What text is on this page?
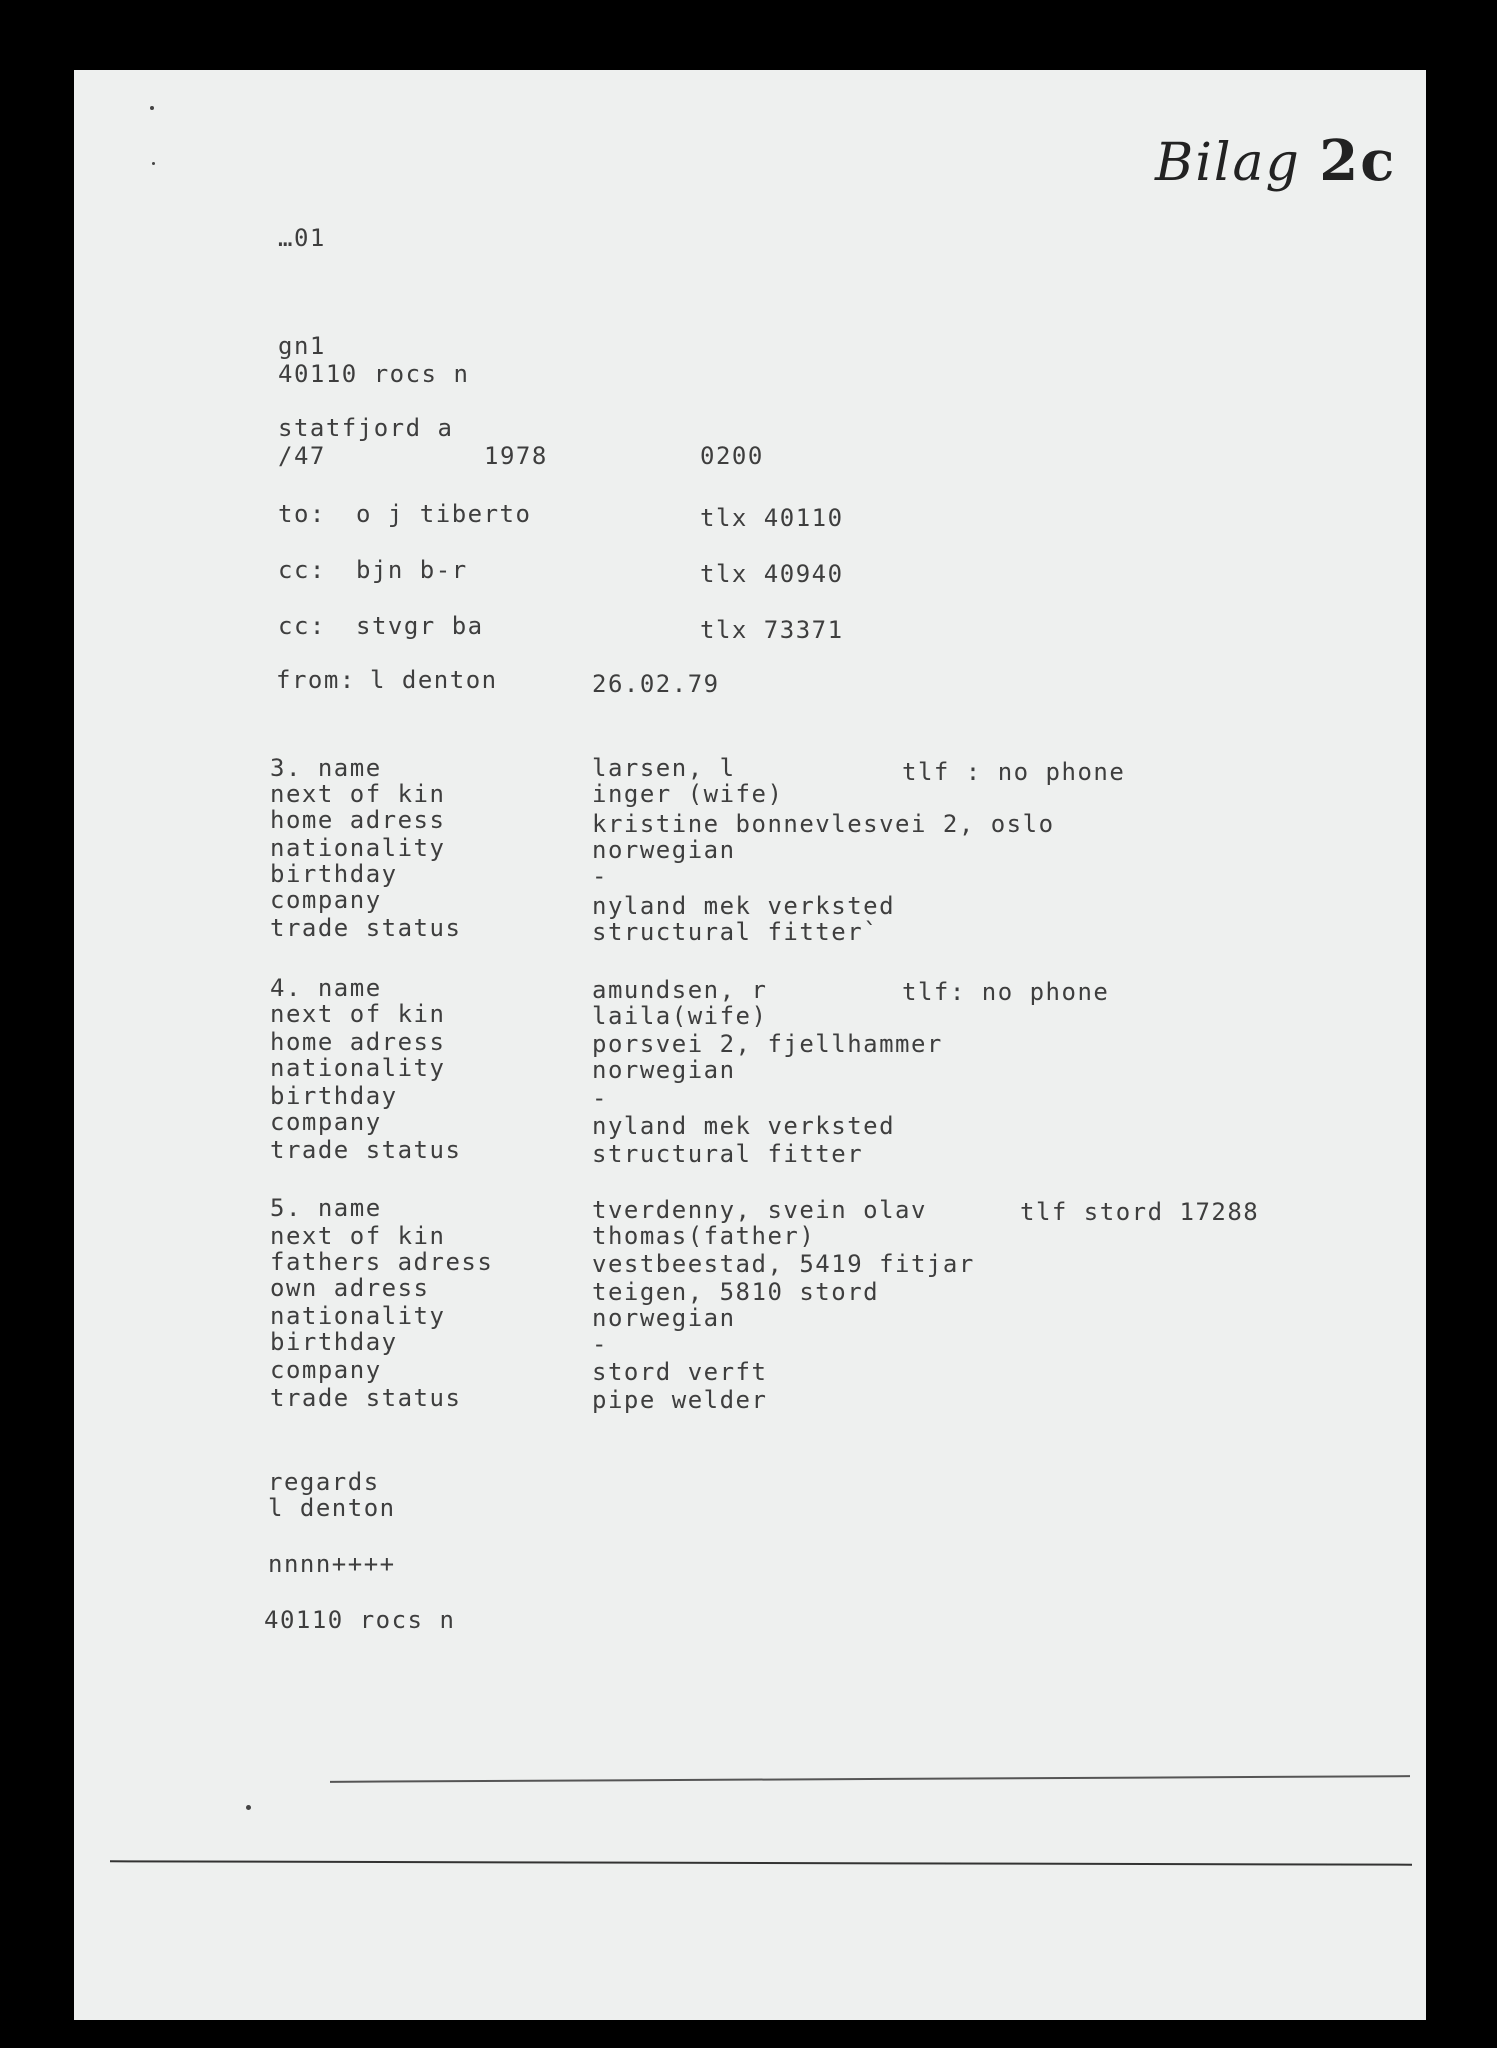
Bilag 2c
…01
gn1
40110 rocs n
statfjord a
/47	1978	0200
to: o j tiberto	tlx 40110
cc: bjn b-r	tlx 40940
cc: stvgr ba	tlx 73371
from: l denton	26.02.79
3. name	larsen, l	tlf : no phone
next of kin	inger (wife)
home adress	kristine bonnevlesvei 2, oslo
nationality	norwegian
birthday	-
company	nyland mek verksted
trade status	structural fitter`
4. name	amundsen, r	tlf: no phone
next of kin	laila(wife)
home adress	porsvei 2, fjellhammer
nationality	norwegian
birthday	-
company	nyland mek verksted
trade status	structural fitter
5. name	tverdenny, svein olav	tlf stord 17288
next of kin	thomas(father)
fathers adress	vestbeestad, 5419 fitjar
own adress	teigen, 5810 stord
nationality	norwegian
birthday	-
company	stord verft
trade status	pipe welder
regards
l denton
nnnn++++
40110 rocs n
